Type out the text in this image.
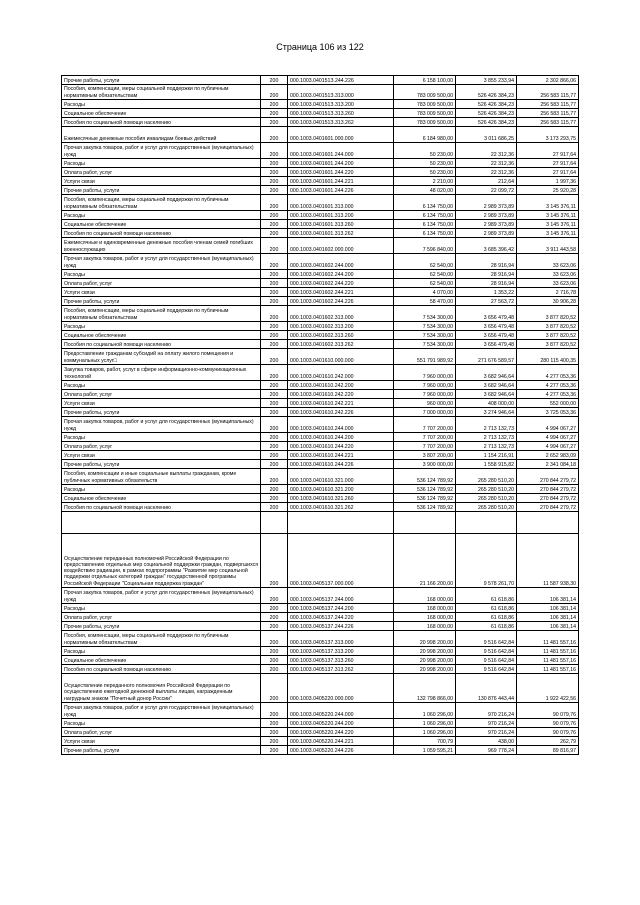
Страница 106 из 122
Прочие работы, услуги	200	000.1003.040151З.244.226	6 158 100,00	3 855 233,94	2 302 866,06
Пособия, компенсации, меры социальной поддержки по публичным нормативным обязательствам	200	000.1003.040151З.313.000	783 009 500,00	526 426 384,23	256 583 115,77
Расходы	200	000.1003.040151З.313.200	783 009 500,00	526 426 384,23	256 583 115,77
Социальное обеспечение	200	000.1003.040151З.313.260	783 009 500,00	526 426 384,23	256 583 115,77
Пособия по социальной помощи населению	200	000.1003.040151З.313.262	783 009 500,00	526 426 384,23	256 583 115,77
Ежемесячные денежные пособия инвалидам боевых действий	200	000.1003.0401601.000.000	6 184 980,00	3 011 686,25	3 173 293,75
Прочая закупка товаров, работ и услуг для государственных (муниципальных) нужд	200	000.1003.0401601.244.000	50 230,00	22 312,36	27 917,64
Расходы	200	000.1003.0401601.244.200	50 230,00	22 312,36	27 917,64
Оплата работ, услуг	200	000.1003.0401601.244.220	50 230,00	22 312,36	27 917,64
Услуги связи	200	000.1003.0401601.244.221	2 210,00	212,64	1 997,36
Прочие работы, услуги	200	000.1003.0401601.244.226	48 020,00	22 099,72	25 920,28
Пособия, компенсации, меры социальной поддержки по публичным нормативным обязательствам	200	000.1003.0401601.313.000	6 134 750,00	2 989 373,89	3 145 376,11
Расходы	200	000.1003.0401601.313.200	6 134 750,00	2 989 373,89	3 145 376,11
Социальное обеспечение	200	000.1003.0401601.313.260	6 134 750,00	2 989 373,89	3 145 376,11
Пособия по социальной помощи населению	200	000.1003.0401601.313.262	6 134 750,00	2 989 373,89	3 145 376,11
Ежемесячные и единовременные денежные пособия членам семей погибших военнослужащих	200	000.1003.0401602.000.000	7 596 840,00	3 685 396,42	3 911 443,58
Прочая закупка товаров, работ и услуг для государственных (муниципальных) нужд	200	000.1003.0401602.244.000	62 540,00	28 916,94	33 623,06
Расходы	200	000.1003.0401602.244.200	62 540,00	28 916,94	33 623,06
Оплата работ, услуг	200	000.1003.0401602.244.220	62 540,00	28 916,94	33 623,06
Услуги связи	200	000.1003.0401602.244.221	4 070,00	1 353,22	2 716,78
Прочие работы, услуги	200	000.1003.0401602.244.226	58 470,00	27 563,72	30 906,28
Пособия, компенсации, меры социальной поддержки по публичным нормативным обязательствам	200	000.1003.0401602.313.000	7 534 300,00	3 656 479,48	3 877 820,52
Расходы	200	000.1003.0401602.313.200	7 534 300,00	3 656 479,48	3 877 820,52
Социальное обеспечение	200	000.1003.0401602.313.260	7 534 300,00	3 656 479,48	3 877 820,52
Пособия по социальной помощи населению	200	000.1003.0401602.313.262	7 534 300,00	3 656 479,48	3 877 820,52
Предоставление гражданам субсидий на оплату жилого помещения и коммунальных услуг□	200	000.1003.0401610.000.000	551 791 989,92	271 676 589,57	280 115 400,35
Закупка товаров, работ, услуг в сфере информационно-коммуникационных технологий	200	000.1003.0401610.242.000	7 960 000,00	3 682 946,64	4 277 053,36
Расходы	200	000.1003.0401610.242.200	7 960 000,00	3 682 946,64	4 277 053,36
Оплата работ, услуг	200	000.1003.0401610.242.220	7 960 000,00	3 682 946,64	4 277 053,36
Услуги связи	200	000.1003.0401610.242.221	960 000,00	408 000,00	552 000,00
Прочие работы, услуги	200	000.1003.0401610.242.226	7 000 000,00	3 274 946,64	3 725 053,36
Прочая закупка товаров, работ и услуг для государственных (муниципальных) нужд	200	000.1003.0401610.244.000	7 707 200,00	2 713 132,73	4 994 067,27
Расходы	200	000.1003.0401610.244.200	7 707 200,00	2 713 132,73	4 994 067,27
Оплата работ, услуг	200	000.1003.0401610.244.220	7 707 200,00	2 713 132,73	4 994 067,27
Услуги связи	200	000.1003.0401610.244.221	3 807 200,00	1 154 216,91	2 652 983,09
Прочие работы, услуги	200	000.1003.0401610.244.226	3 900 000,00	1 558 915,82	2 341 084,18
Пособия, компенсации и иные социальные выплаты гражданам, кроме публичных нормативных обязательств	200	000.1003.0401610.321.000	536 124 789,92	265 280 510,20	270 844 279,72
Расходы	200	000.1003.0401610.321.200	536 124 789,92	265 280 510,20	270 844 279,72
Социальное обеспечение	200	000.1003.0401610.321.260	536 124 789,92	265 280 510,20	270 844 279,72
Пособия по социальной помощи населению	200	000.1003.0401610.321.262	536 124 789,92	265 280 510,20	270 844 279,72

Осуществление переданных полномочий Российской Федерации по предоставлению отдельных мер социальной поддержки граждан, подвергшихся воздействию радиации, в рамках подпрограммы "Развитие мер социальной поддержки отдельных категорий граждан" государственной программы Российской Федерации "Социальная поддержка граждан"	200	000.1003.0405137.000.000	21 166 200,00	9 578 261,70	11 587 938,30
Прочая закупка товаров, работ и услуг для государственных (муниципальных) нужд	200	000.1003.0405137.244.000	168 000,00	61 618,86	106 381,14
Расходы	200	000.1003.0405137.244.200	168 000,00	61 618,86	106 381,14
Оплата работ, услуг	200	000.1003.0405137.244.220	168 000,00	61 618,86	106 381,14
Прочие работы, услуги	200	000.1003.0405137.244.226	168 000,00	61 618,86	106 381,14
Пособия, компенсации, меры социальной поддержки по публичным нормативным обязательствам	200	000.1003.0405137.313.000	20 998 200,00	9 516 642,84	11 481 557,16
Расходы	200	000.1003.0405137.313.200	20 998 200,00	9 516 642,84	11 481 557,16
Социальное обеспечение	200	000.1003.0405137.313.260	20 998 200,00	9 516 642,84	11 481 557,16
Пособия по социальной помощи населению	200	000.1003.0405137.313.262	20 998 200,00	9 516 642,84	11 481 557,16
Осуществление переданного полномочия Российской Федерации по осуществлению ежегодной денежной выплаты лицам, награжденным нагрудным знаком "Почетный донор России"	200	000.1003.0405220.000.000	132 798 866,00	130 876 443,44	1 922 422,56
Прочая закупка товаров, работ и услуг для государственных (муниципальных) нужд	200	000.1003.0405220.244.000	1 060 296,00	970 216,24	90 079,76
Расходы	200	000.1003.0405220.244.200	1 060 296,00	970 216,24	90 079,76
Оплата работ, услуг	200	000.1003.0405220.244.220	1 060 296,00	970 216,24	90 079,76
Услуги связи	200	000.1003.0405220.244.221	700,79	438,00	262,79
Прочие работы, услуги	200	000.1003.0405220.244.226	1 059 595,21	969 778,24	89 816,97
